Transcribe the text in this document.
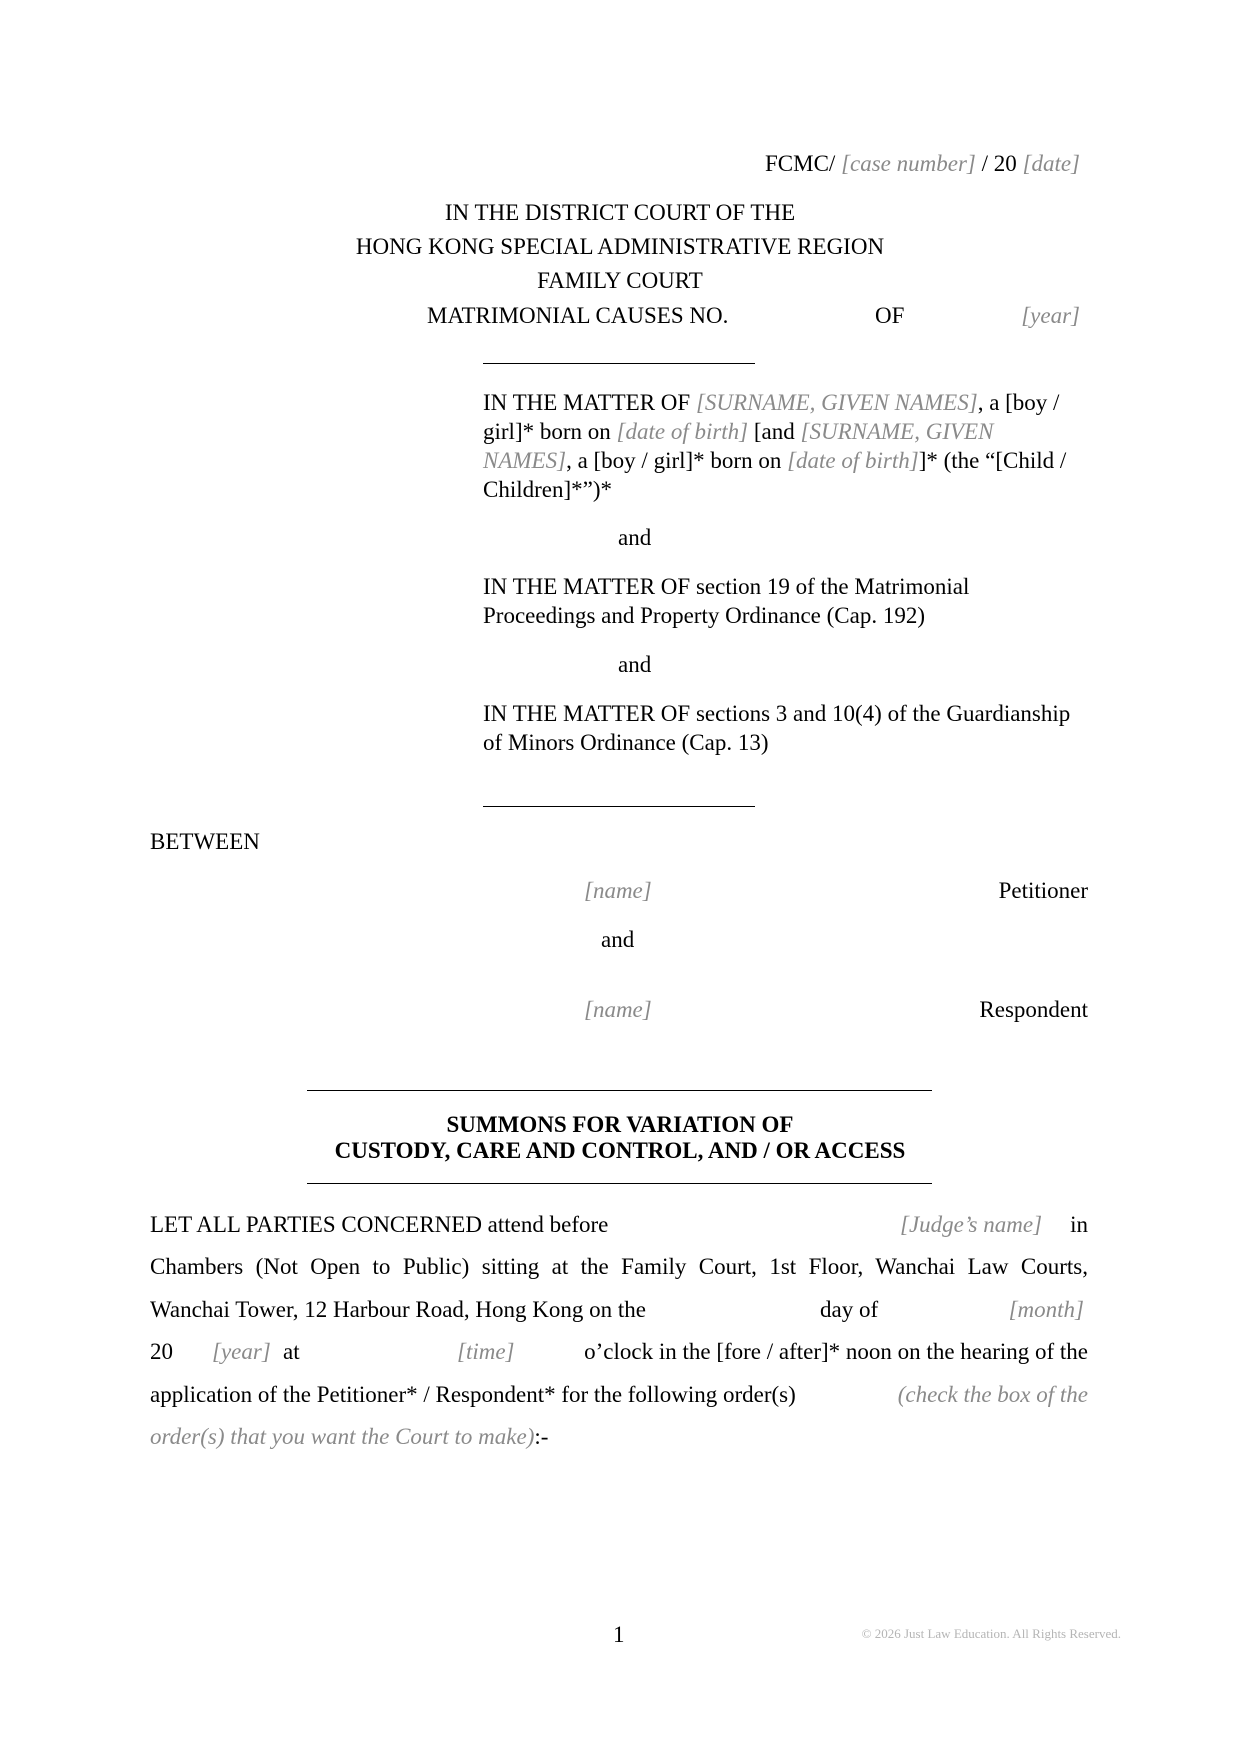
FCMC/ [case number] / 20 [date]
IN THE DISTRICT COURT OF THE
HONG KONG SPECIAL ADMINISTRATIVE REGION
FAMILY COURT
MATRIMONIAL CAUSES NO.	OF	[year]
IN THE MATTER OF [SURNAME, GIVEN NAMES], a [boy / girl]* born on [date of birth] [and [SURNAME, GIVEN NAMES], a [boy / girl]* born on [date of birth]]* (the “[Child / Children]*”)*
and
IN THE MATTER OF section 19 of the Matrimonial Proceedings and Property Ordinance (Cap. 192)
and
IN THE MATTER OF sections 3 and 10(4) of the Guardianship of Minors Ordinance (Cap. 13)
BETWEEN
[name]	Petitioner
and
[name]	Respondent
SUMMONS FOR VARIATION OF
CUSTODY, CARE AND CONTROL, AND / OR ACCESS
LET ALL PARTIES CONCERNED attend before	[Judge’s name] in
Chambers (Not Open to Public) sitting at the Family Court, 1st Floor, Wanchai Law Courts,
Wanchai Tower, 12 Harbour Road, Hong Kong on the	day of	[month]
20 [year] at	[time]	o’clock in the [fore / after]* noon on the hearing of the
application of the Petitioner* / Respondent* for the following order(s)	(check the box of the
order(s) that you want the Court to make):-
1	© 2026 Just Law Education. All Rights Reserved.
